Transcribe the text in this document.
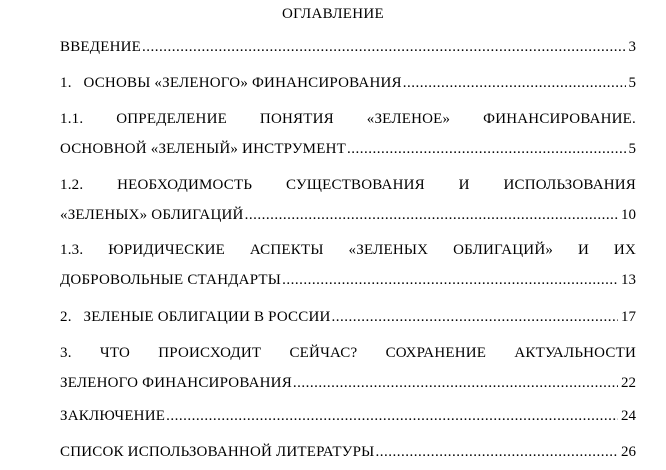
ОГЛАВЛЕНИЕ
ВВЕДЕНИЕ .....	3
1.   ОСНОВЫ «ЗЕЛЕНОГО» ФИНАНСИРОВАНИЯ .....	5
1.1. ОПРЕДЕЛЕНИЕ ПОНЯТИЯ «ЗЕЛЕНОЕ» ФИНАНСИРОВАНИЕ.
ОСНОВНОЙ «ЗЕЛЕНЫЙ» ИНСТРУМЕНТ .....	5
1.2. НЕОБХОДИМОСТЬ СУЩЕСТВОВАНИЯ И ИСПОЛЬЗОВАНИЯ
«ЗЕЛЕНЫХ» ОБЛИГАЦИЙ .....	10
1.3. ЮРИДИЧЕСКИЕ АСПЕКТЫ «ЗЕЛЕНЫХ ОБЛИГАЦИЙ» И ИХ
ДОБРОВОЛЬНЫЕ СТАНДАРТЫ .....	13
2.   ЗЕЛЕНЫЕ ОБЛИГАЦИИ В РОССИИ .....	17
3. ЧТО ПРОИСХОДИТ СЕЙЧАС? СОХРАНЕНИЕ АКТУАЛЬНОСТИ
ЗЕЛЕНОГО ФИНАНСИРОВАНИЯ .....	22
ЗАКЛЮЧЕНИЕ .....	24
СПИСОК ИСПОЛЬЗОВАННОЙ ЛИТЕРАТУРЫ .....	26
